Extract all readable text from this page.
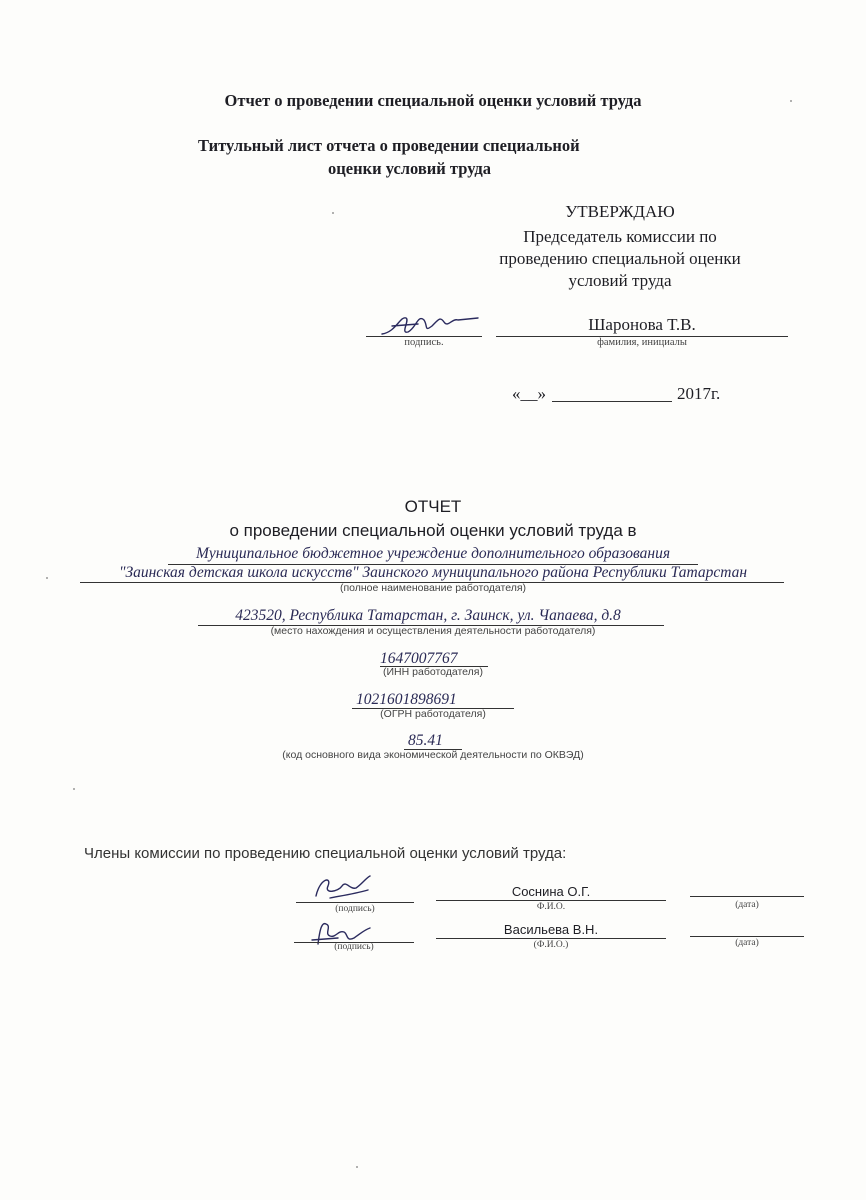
Отчет о проведении специальной оценки условий труда
Титульный лист отчета о проведении специальной
оценки условий труда
УТВЕРЖДАЮ
Председатель комиссии по
проведению специальной оценки
условий труда
подпись.
Шаронова Т.В.
фамилия, инициалы
«__»	2017г.
ОТЧЕТ
о проведении специальной оценки условий труда в
Муниципальное бюджетное учреждение дополнительного образования
"Заинская детская школа искусств" Заинского муниципального района Республики Татарстан
(полное наименование работодателя)
423520, Республика Татарстан, г. Заинск, ул. Чапаева, д.8
(место нахождения и осуществления деятельности работодателя)
1647007767
(ИНН работодателя)
1021601898691
(ОГРН работодателя)
85.41
(код основного вида экономической деятельности по ОКВЭД)
Члены комиссии по проведению специальной оценки условий труда:
(подпись)
Соснина О.Г.
Ф.И.О.	(дата)
(подпись)
Васильева В.Н.
(Ф.И.О.)	(дата)
